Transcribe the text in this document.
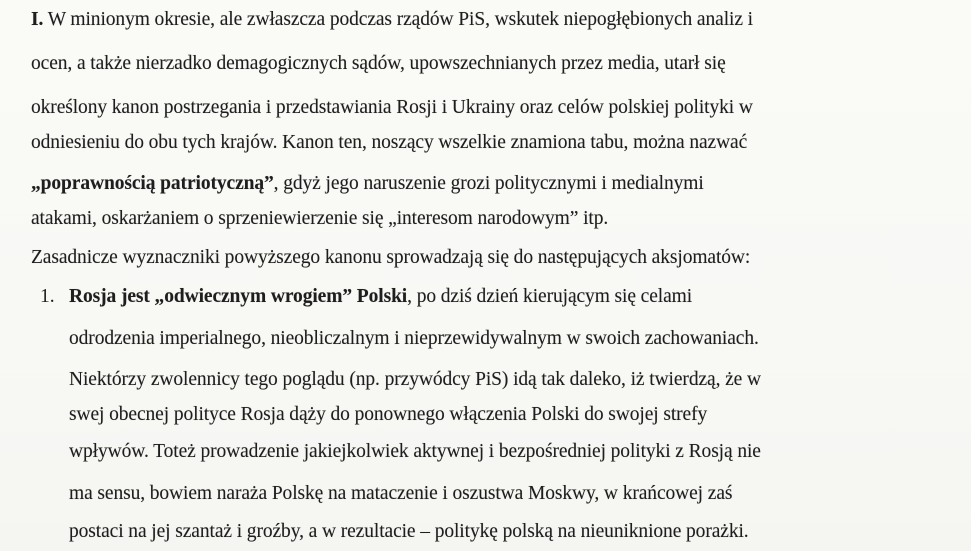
I. W minionym okresie, ale zwłaszcza podczas rządów PiS, wskutek niepogłębionych analiz i
ocen, a także nierzadko demagogicznych sądów, upowszechnianych przez media, utarł się
określony kanon postrzegania i przedstawiania Rosji i Ukrainy oraz celów polskiej polityki w
odniesieniu do obu tych krajów. Kanon ten, noszący wszelkie znamiona tabu, można nazwać
„poprawnością patriotyczną”, gdyż jego naruszenie grozi politycznymi i medialnymi
atakami, oskarżaniem o sprzeniewierzenie się „interesom narodowym” itp.
Zasadnicze wyznaczniki powyższego kanonu sprowadzają się do następujących aksjomatów:
1. Rosja jest „odwiecznym wrogiem” Polski, po dziś dzień kierującym się celami
odrodzenia imperialnego, nieobliczalnym i nieprzewidywalnym w swoich zachowaniach.
Niektórzy zwolennicy tego poglądu (np. przywódcy PiS) idą tak daleko, iż twierdzą, że w
swej obecnej polityce Rosja dąży do ponownego włączenia Polski do swojej strefy
wpływów. Toteż prowadzenie jakiejkolwiek aktywnej i bezpośredniej polityki z Rosją nie
ma sensu, bowiem naraża Polskę na mataczenie i oszustwa Moskwy, w krańcowej zaś
postaci na jej szantaż i groźby, a w rezultacie – politykę polską na nieuniknione porażki.
